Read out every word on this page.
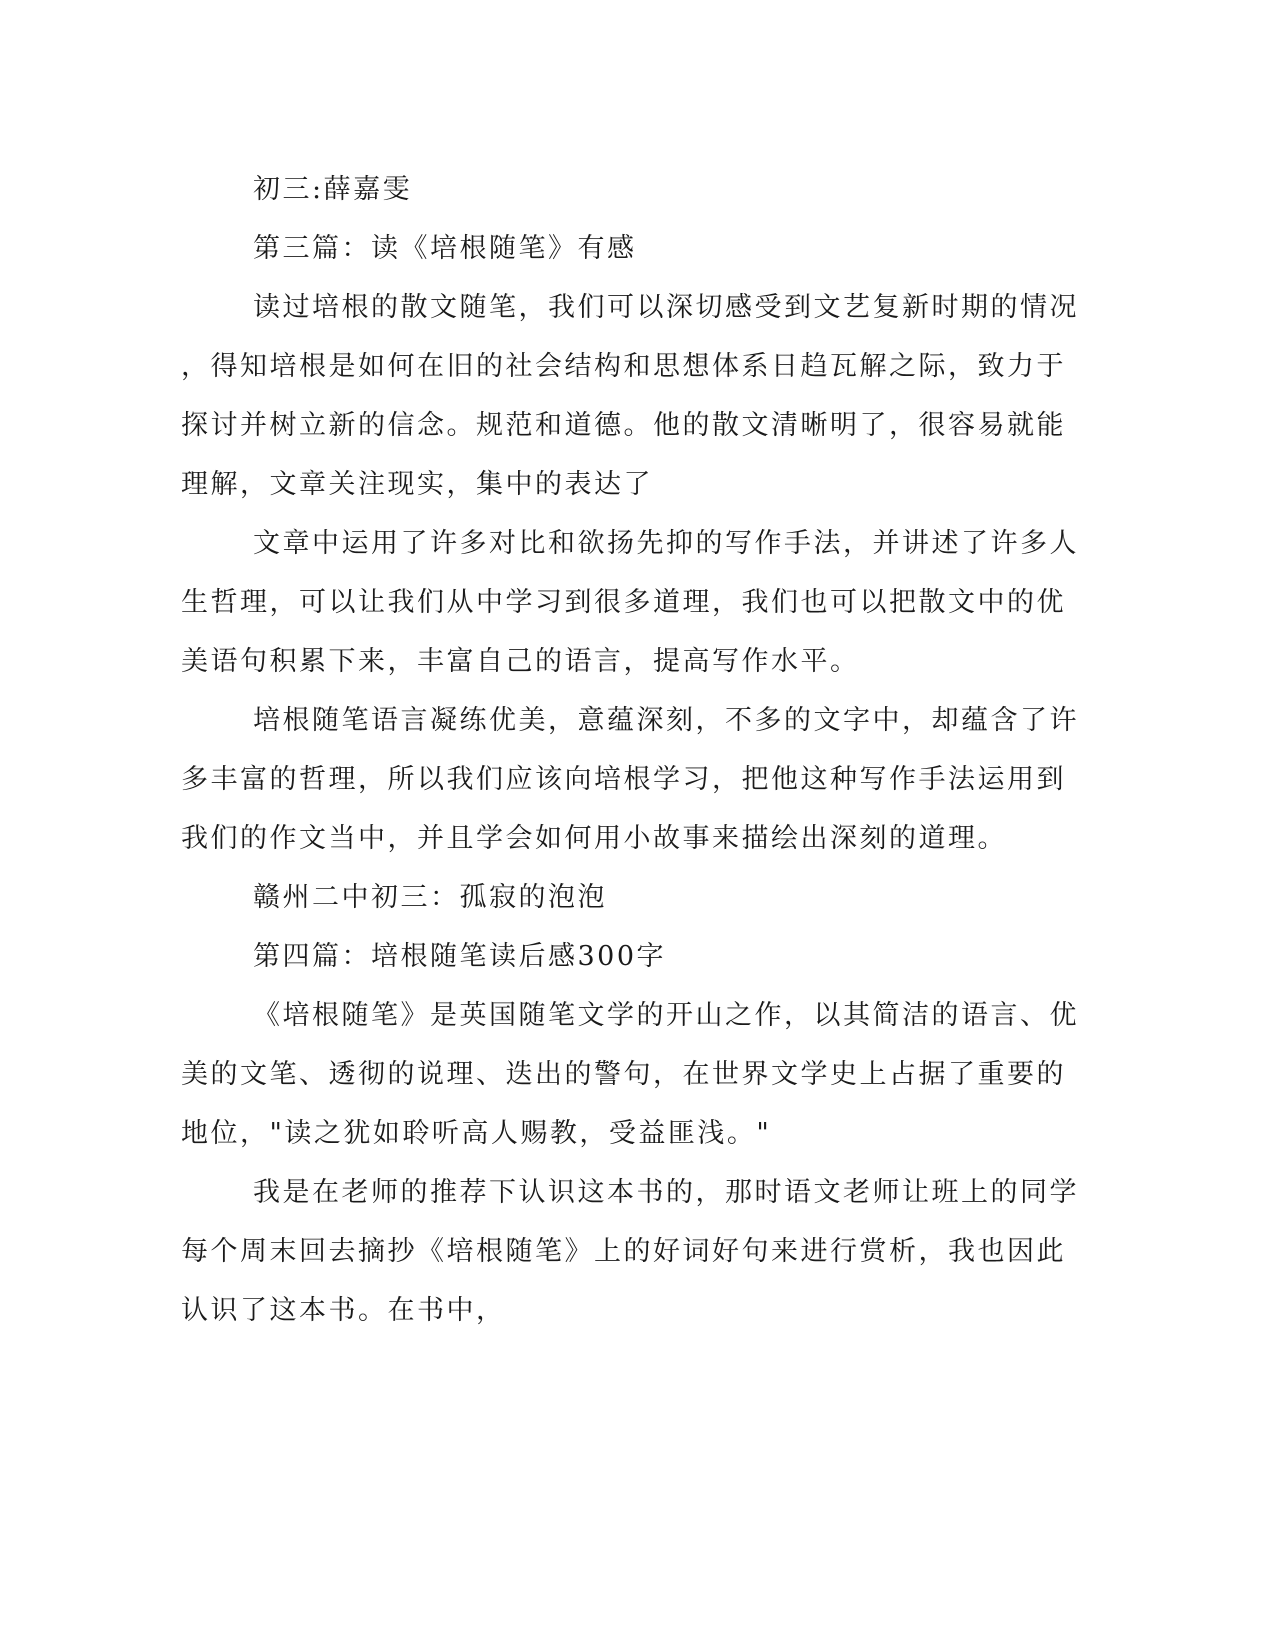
初三:薛嘉雯

第三篇：读《培根随笔》有感

读过培根的散文随笔，我们可以深切感受到文艺复新时期的情况

，得知培根是如何在旧的社会结构和思想体系日趋瓦解之际，致力于

探讨并树立新的信念。规范和道德。他的散文清晰明了，很容易就能

理解，文章关注现实，集中的表达了

文章中运用了许多对比和欲扬先抑的写作手法，并讲述了许多人

生哲理，可以让我们从中学习到很多道理，我们也可以把散文中的优

美语句积累下来，丰富自己的语言，提高写作水平。

培根随笔语言凝练优美，意蕴深刻，不多的文字中，却蕴含了许

多丰富的哲理，所以我们应该向培根学习，把他这种写作手法运用到

我们的作文当中，并且学会如何用小故事来描绘出深刻的道理。

赣州二中初三：孤寂的泡泡

第四篇：培根随笔读后感300字

《培根随笔》是英国随笔文学的开山之作，以其简洁的语言、优

美的文笔、透彻的说理、迭出的警句，在世界文学史上占据了重要的

地位，"读之犹如聆听高人赐教，受益匪浅。"

我是在老师的推荐下认识这本书的，那时语文老师让班上的同学

每个周末回去摘抄《培根随笔》上的好词好句来进行赏析，我也因此

认识了这本书。在书中，
